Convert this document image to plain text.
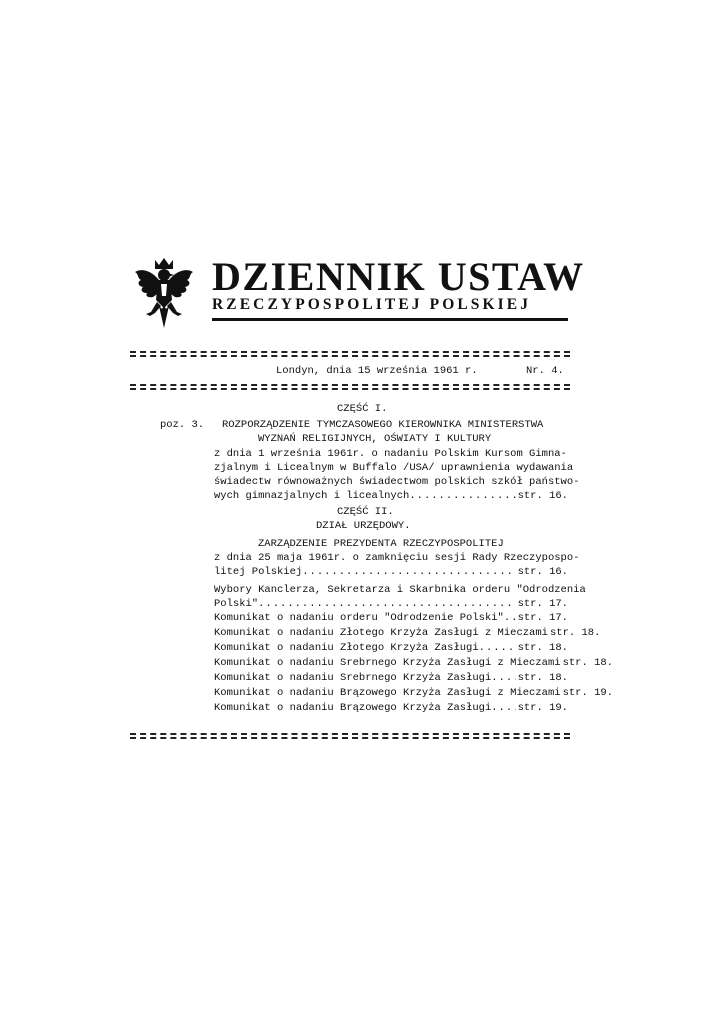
DZIENNIK USTAW
RZECZYPOSPOLITEJ POLSKIEJ
Londyn, dnia 15 września 1961 r.	Nr. 4.
CZĘŚĆ I.
poz. 3. ROZPORZĄDZENIE TYMCZASOWEGO KIEROWNIKA MINISTERSTWA
WYZNAŃ RELIGIJNYCH, OŚWIATY I KULTURY
z dnia 1 września 1961r. o nadaniu Polskim Kursom Gimna-
zjalnym i Licealnym w Buffalo /USA/ uprawnienia wydawania
świadectw równoważnych świadectwom polskich szkół państwo-
wych gimnazjalnych i licealnych .....	str. 16.
CZĘŚĆ II.
DZIAŁ URZĘDOWY.
ZARZĄDZENIE PREZYDENTA RZECZYPOSPOLITEJ
z dnia 25 maja 1961r. o zamknięciu sesji Rady Rzeczypospo-
litej Polskiej .....	str. 16.
Wybory Kanclerza, Sekretarza i Skarbnika orderu "Odrodzenia
Polski" .....	str. 17.
Komunikat o nadaniu orderu "Odrodzenie Polski" ..... str. 17.
Komunikat o nadaniu Złotego Krzyża Zasługi z Mieczami str. 18.
Komunikat o nadaniu Złotego Krzyża Zasługi .....	str. 18.
Komunikat o nadaniu Srebrnego Krzyża Zasługi z Mieczami str. 18.
Komunikat o nadaniu Srebrnego Krzyża Zasługi .....	str. 18.
Komunikat o nadaniu Brązowego Krzyża Zasługi z Mieczami str. 19.
Komunikat o nadaniu Brązowego Krzyża Zasługi .....	str. 19.
